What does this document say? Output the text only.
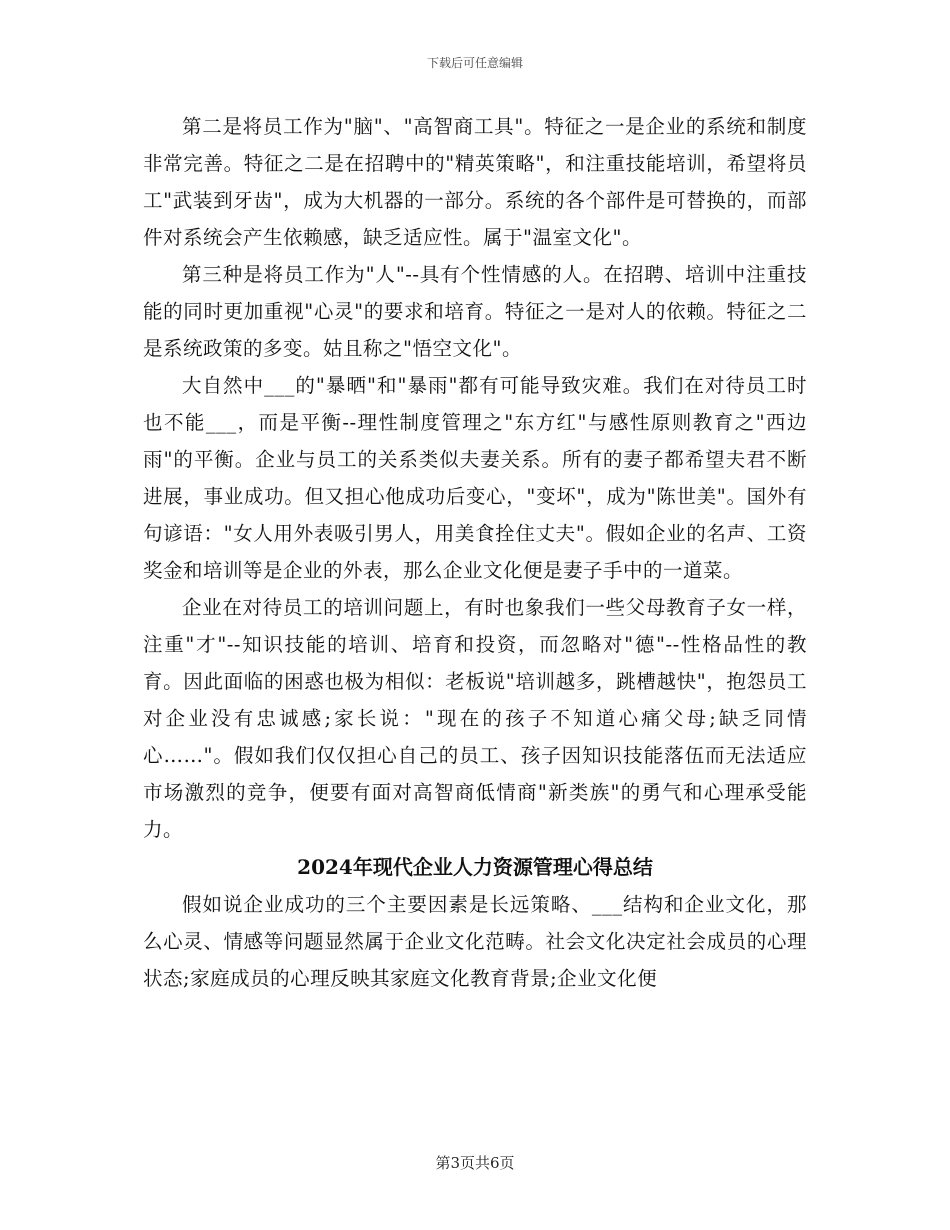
下载后可任意编辑

第二是将员工作为"脑"、"高智商工具"。特征之一是企业的系统和制度非常完善。特征之二是在招聘中的"精英策略"，和注重技能培训，希望将员工"武装到牙齿"，成为大机器的一部分。系统的各个部件是可替换的，而部件对系统会产生依赖感，缺乏适应性。属于"温室文化"。

第三种是将员工作为"人"--具有个性情感的人。在招聘、培训中注重技能的同时更加重视"心灵"的要求和培育。特征之一是对人的依赖。特征之二是系统政策的多变。姑且称之"悟空文化"。

大自然中___的"暴晒"和"暴雨"都有可能导致灾难。我们在对待员工时也不能___，而是平衡--理性制度管理之"东方红"与感性原则教育之"西边雨"的平衡。企业与员工的关系类似夫妻关系。所有的妻子都希望夫君不断进展，事业成功。但又担心他成功后变心，"变坏"，成为"陈世美"。国外有句谚语："女人用外表吸引男人，用美食拴住丈夫"。假如企业的名声、工资奖金和培训等是企业的外表，那么企业文化便是妻子手中的一道菜。

企业在对待员工的培训问题上，有时也象我们一些父母教育子女一样，注重"才"--知识技能的培训、培育和投资，而忽略对"德"--性格品性的教育。因此面临的困惑也极为相似：老板说"培训越多，跳槽越快"，抱怨员工对企业没有忠诚感;家长说："现在的孩子不知道心痛父母;缺乏同情心……"。假如我们仅仅担心自己的员工、孩子因知识技能落伍而无法适应市场激烈的竞争，便要有面对高智商低情商"新类族"的勇气和心理承受能力。

2024年现代企业人力资源管理心得总结

假如说企业成功的三个主要因素是长远策略、___结构和企业文化，那么心灵、情感等问题显然属于企业文化范畴。社会文化决定社会成员的心理状态;家庭成员的心理反映其家庭文化教育背景;企业文化便

第3页共6页
